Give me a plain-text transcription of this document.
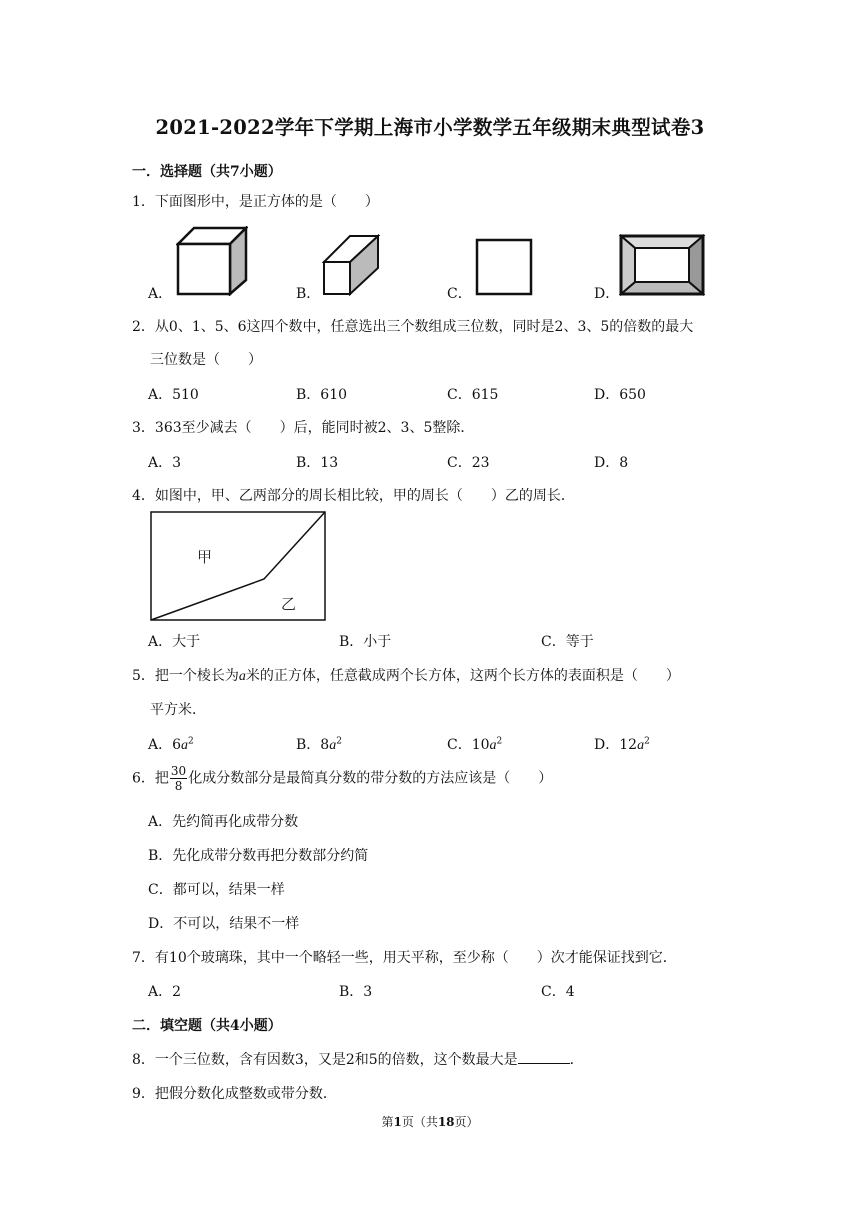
2021-2022学年下学期上海市小学数学五年级期末典型试卷3
一．选择题（共7小题）
1．下面图形中，是正方体的是（　　）
A．	B．	C．	D．
2．从0、1、5、6这四个数中，任意选出三个数组成三位数，同时是2、3、5的倍数的最大
三位数是（　　）
A．510	B．610	C．615	D．650
3．363至少减去（　　）后，能同时被2、3、5整除．
A．3	B．13	C．23	D．8
4．如图中，甲、乙两部分的周长相比较，甲的周长（　　）乙的周长．
甲
乙
A．大于	B．小于	C．等于
5．把一个棱长为a米的正方体，任意截成两个长方体，这两个长方体的表面积是（　　）
平方米．
A．$6a^2$	B．$8a^2$	C．$10a^2$	D．$12a^2$
6．把 $\frac{30}{8}$ 化成分数部分是最简真分数的带分数的方法应该是（　　）
A．先约简再化成带分数
B．先化成带分数再把分数部分约简
C．都可以，结果一样
D．不可以，结果不一样
7．有10个玻璃珠，其中一个略轻一些，用天平称，至少称（　　）次才能保证找到它．
A．2	B．3	C．4
二．填空题（共4小题）
8．一个三位数，含有因数3，又是2和5的倍数，这个数最大是	．
9．把假分数化成整数或带分数．
第1页（共18页）
